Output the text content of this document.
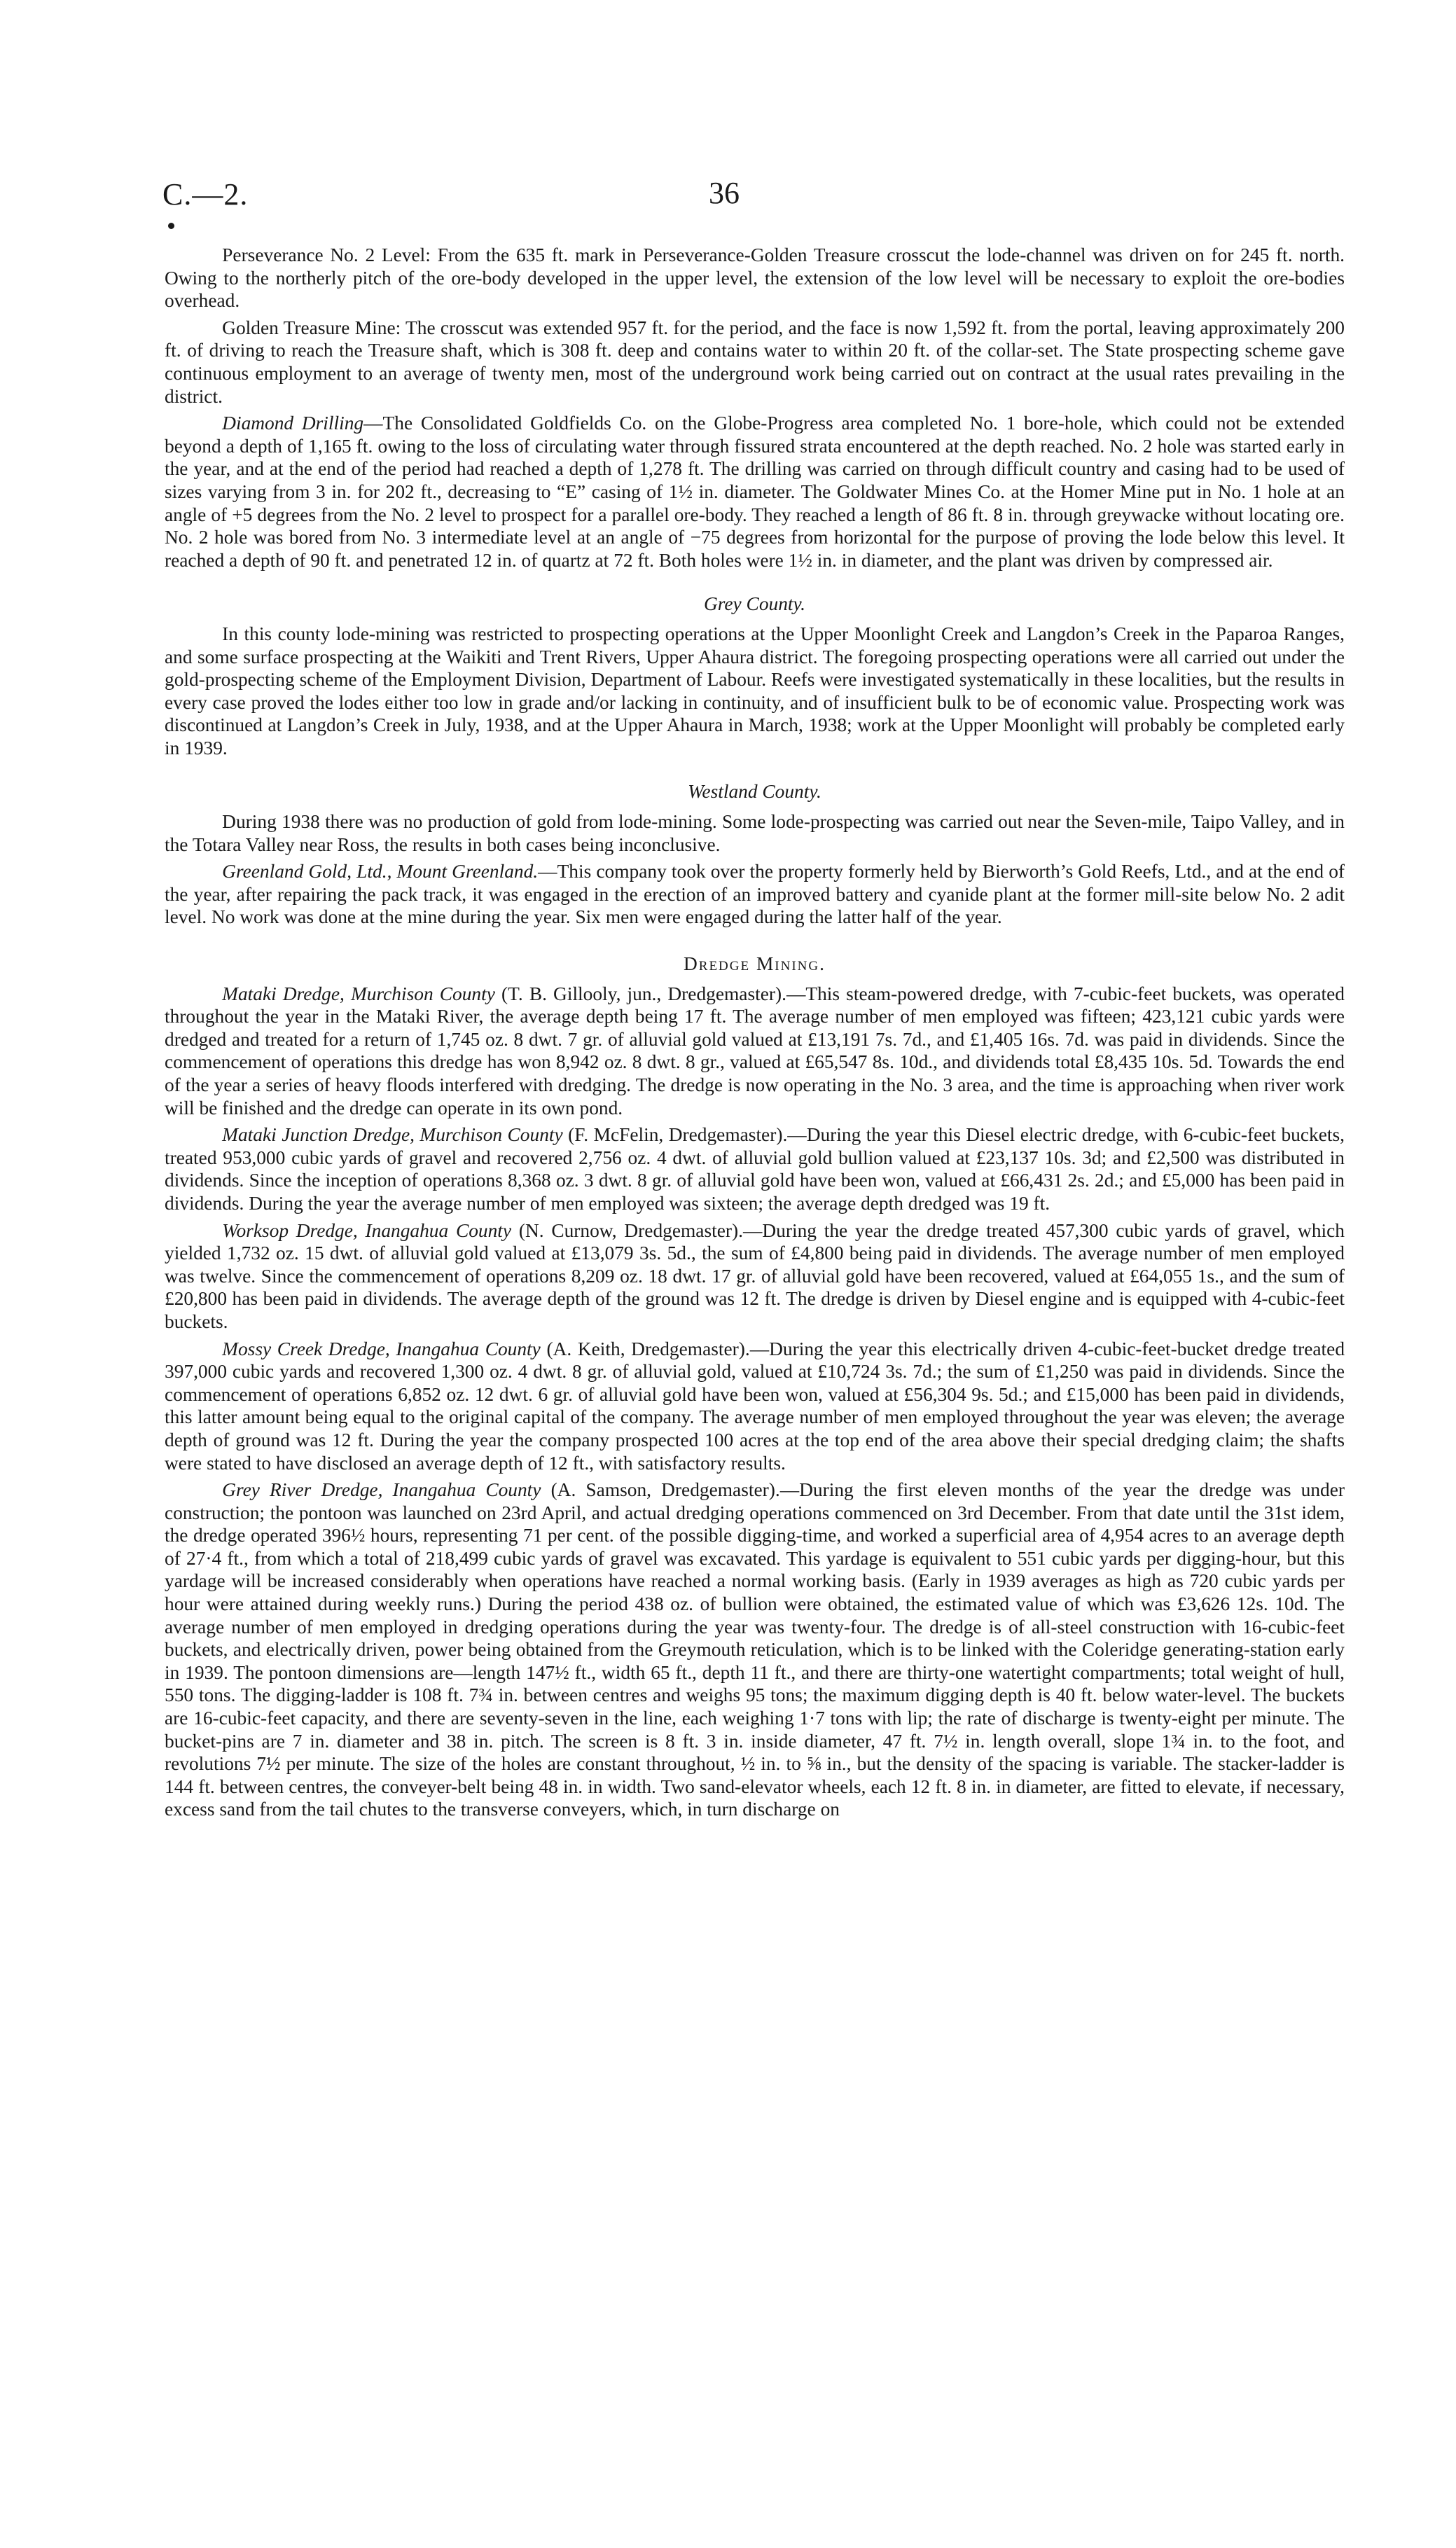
C.—2.	36

Perseverance No. 2 Level: From the 635 ft. mark in Perseverance-Golden Treasure crosscut the lode-channel was driven on for 245 ft. north. Owing to the northerly pitch of the ore-body developed in the upper level, the extension of the low level will be necessary to exploit the ore-bodies overhead.

Golden Treasure Mine: The crosscut was extended 957 ft. for the period, and the face is now 1,592 ft. from the portal, leaving approximately 200 ft. of driving to reach the Treasure shaft, which is 308 ft. deep and contains water to within 20 ft. of the collar-set. The State prospecting scheme gave continuous employment to an average of twenty men, most of the underground work being carried out on contract at the usual rates prevailing in the district.

Diamond Drilling—The Consolidated Goldfields Co. on the Globe-Progress area completed No. 1 bore-hole, which could not be extended beyond a depth of 1,165 ft. owing to the loss of circulating water through fissured strata encountered at the depth reached. No. 2 hole was started early in the year, and at the end of the period had reached a depth of 1,278 ft. The drilling was carried on through difficult country and casing had to be used of sizes varying from 3 in. for 202 ft., decreasing to “E” casing of 1½ in. diameter. The Goldwater Mines Co. at the Homer Mine put in No. 1 hole at an angle of +5 degrees from the No. 2 level to prospect for a parallel ore-body. They reached a length of 86 ft. 8 in. through greywacke without locating ore. No. 2 hole was bored from No. 3 intermediate level at an angle of −75 degrees from horizontal for the purpose of proving the lode below this level. It reached a depth of 90 ft. and penetrated 12 in. of quartz at 72 ft. Both holes were 1½ in. in diameter, and the plant was driven by compressed air.

Grey County.

In this county lode-mining was restricted to prospecting operations at the Upper Moonlight Creek and Langdon’s Creek in the Paparoa Ranges, and some surface prospecting at the Waikiti and Trent Rivers, Upper Ahaura district. The foregoing prospecting operations were all carried out under the gold-prospecting scheme of the Employment Division, Department of Labour. Reefs were investigated systematically in these localities, but the results in every case proved the lodes either too low in grade and/or lacking in continuity, and of insufficient bulk to be of economic value. Prospecting work was discontinued at Langdon’s Creek in July, 1938, and at the Upper Ahaura in March, 1938; work at the Upper Moonlight will probably be completed early in 1939.

Westland County.

During 1938 there was no production of gold from lode-mining. Some lode-prospecting was carried out near the Seven-mile, Taipo Valley, and in the Totara Valley near Ross, the results in both cases being inconclusive.

Greenland Gold, Ltd., Mount Greenland.—This company took over the property formerly held by Bierworth’s Gold Reefs, Ltd., and at the end of the year, after repairing the pack track, it was engaged in the erection of an improved battery and cyanide plant at the former mill-site below No. 2 adit level. No work was done at the mine during the year. Six men were engaged during the latter half of the year.

Dredge Mining.

Mataki Dredge, Murchison County (T. B. Gillooly, jun., Dredgemaster).—This steam-powered dredge, with 7-cubic-feet buckets, was operated throughout the year in the Mataki River, the average depth being 17 ft. The average number of men employed was fifteen; 423,121 cubic yards were dredged and treated for a return of 1,745 oz. 8 dwt. 7 gr. of alluvial gold valued at £13,191 7s. 7d., and £1,405 16s. 7d. was paid in dividends. Since the commencement of operations this dredge has won 8,942 oz. 8 dwt. 8 gr., valued at £65,547 8s. 10d., and dividends total £8,435 10s. 5d. Towards the end of the year a series of heavy floods interfered with dredging. The dredge is now operating in the No. 3 area, and the time is approaching when river work will be finished and the dredge can operate in its own pond.

Mataki Junction Dredge, Murchison County (F. McFelin, Dredgemaster).—During the year this Diesel electric dredge, with 6-cubic-feet buckets, treated 953,000 cubic yards of gravel and recovered 2,756 oz. 4 dwt. of alluvial gold bullion valued at £23,137 10s. 3d; and £2,500 was distributed in dividends. Since the inception of operations 8,368 oz. 3 dwt. 8 gr. of alluvial gold have been won, valued at £66,431 2s. 2d.; and £5,000 has been paid in dividends. During the year the average number of men employed was sixteen; the average depth dredged was 19 ft.

Worksop Dredge, Inangahua County (N. Curnow, Dredgemaster).—During the year the dredge treated 457,300 cubic yards of gravel, which yielded 1,732 oz. 15 dwt. of alluvial gold valued at £13,079 3s. 5d., the sum of £4,800 being paid in dividends. The average number of men employed was twelve. Since the commencement of operations 8,209 oz. 18 dwt. 17 gr. of alluvial gold have been recovered, valued at £64,055 1s., and the sum of £20,800 has been paid in dividends. The average depth of the ground was 12 ft. The dredge is driven by Diesel engine and is equipped with 4-cubic-feet buckets.

Mossy Creek Dredge, Inangahua County (A. Keith, Dredgemaster).—During the year this electrically driven 4-cubic-feet-bucket dredge treated 397,000 cubic yards and recovered 1,300 oz. 4 dwt. 8 gr. of alluvial gold, valued at £10,724 3s. 7d.; the sum of £1,250 was paid in dividends. Since the commencement of operations 6,852 oz. 12 dwt. 6 gr. of alluvial gold have been won, valued at £56,304 9s. 5d.; and £15,000 has been paid in dividends, this latter amount being equal to the original capital of the company. The average number of men employed throughout the year was eleven; the average depth of ground was 12 ft. During the year the company prospected 100 acres at the top end of the area above their special dredging claim; the shafts were stated to have disclosed an average depth of 12 ft., with satisfactory results.

Grey River Dredge, Inangahua County (A. Samson, Dredgemaster).—During the first eleven months of the year the dredge was under construction; the pontoon was launched on 23rd April, and actual dredging operations commenced on 3rd December. From that date until the 31st idem, the dredge operated 396½ hours, representing 71 per cent. of the possible digging-time, and worked a superficial area of 4,954 acres to an average depth of 27·4 ft., from which a total of 218,499 cubic yards of gravel was excavated. This yardage is equivalent to 551 cubic yards per digging-hour, but this yardage will be increased considerably when operations have reached a normal working basis. (Early in 1939 averages as high as 720 cubic yards per hour were attained during weekly runs.) During the period 438 oz. of bullion were obtained, the estimated value of which was £3,626 12s. 10d. The average number of men employed in dredging operations during the year was twenty-four. The dredge is of all-steel construction with 16-cubic-feet buckets, and electrically driven, power being obtained from the Greymouth reticulation, which is to be linked with the Coleridge generating-station early in 1939. The pontoon dimensions are—length 147½ ft., width 65 ft., depth 11 ft., and there are thirty-one watertight compartments; total weight of hull, 550 tons. The digging-ladder is 108 ft. 7¾ in. between centres and weighs 95 tons; the maximum digging depth is 40 ft. below water-level. The buckets are 16-cubic-feet capacity, and there are seventy-seven in the line, each weighing 1·7 tons with lip; the rate of discharge is twenty-eight per minute. The bucket-pins are 7 in. diameter and 38 in. pitch. The screen is 8 ft. 3 in. inside diameter, 47 ft. 7½ in. length overall, slope 1¾ in. to the foot, and revolutions 7½ per minute. The size of the holes are constant throughout, ½ in. to ⅝ in., but the density of the spacing is variable. The stacker-ladder is 144 ft. between centres, the conveyer-belt being 48 in. in width. Two sand-elevator wheels, each 12 ft. 8 in. in diameter, are fitted to elevate, if necessary, excess sand from the tail chutes to the transverse conveyers, which, in turn discharge on
